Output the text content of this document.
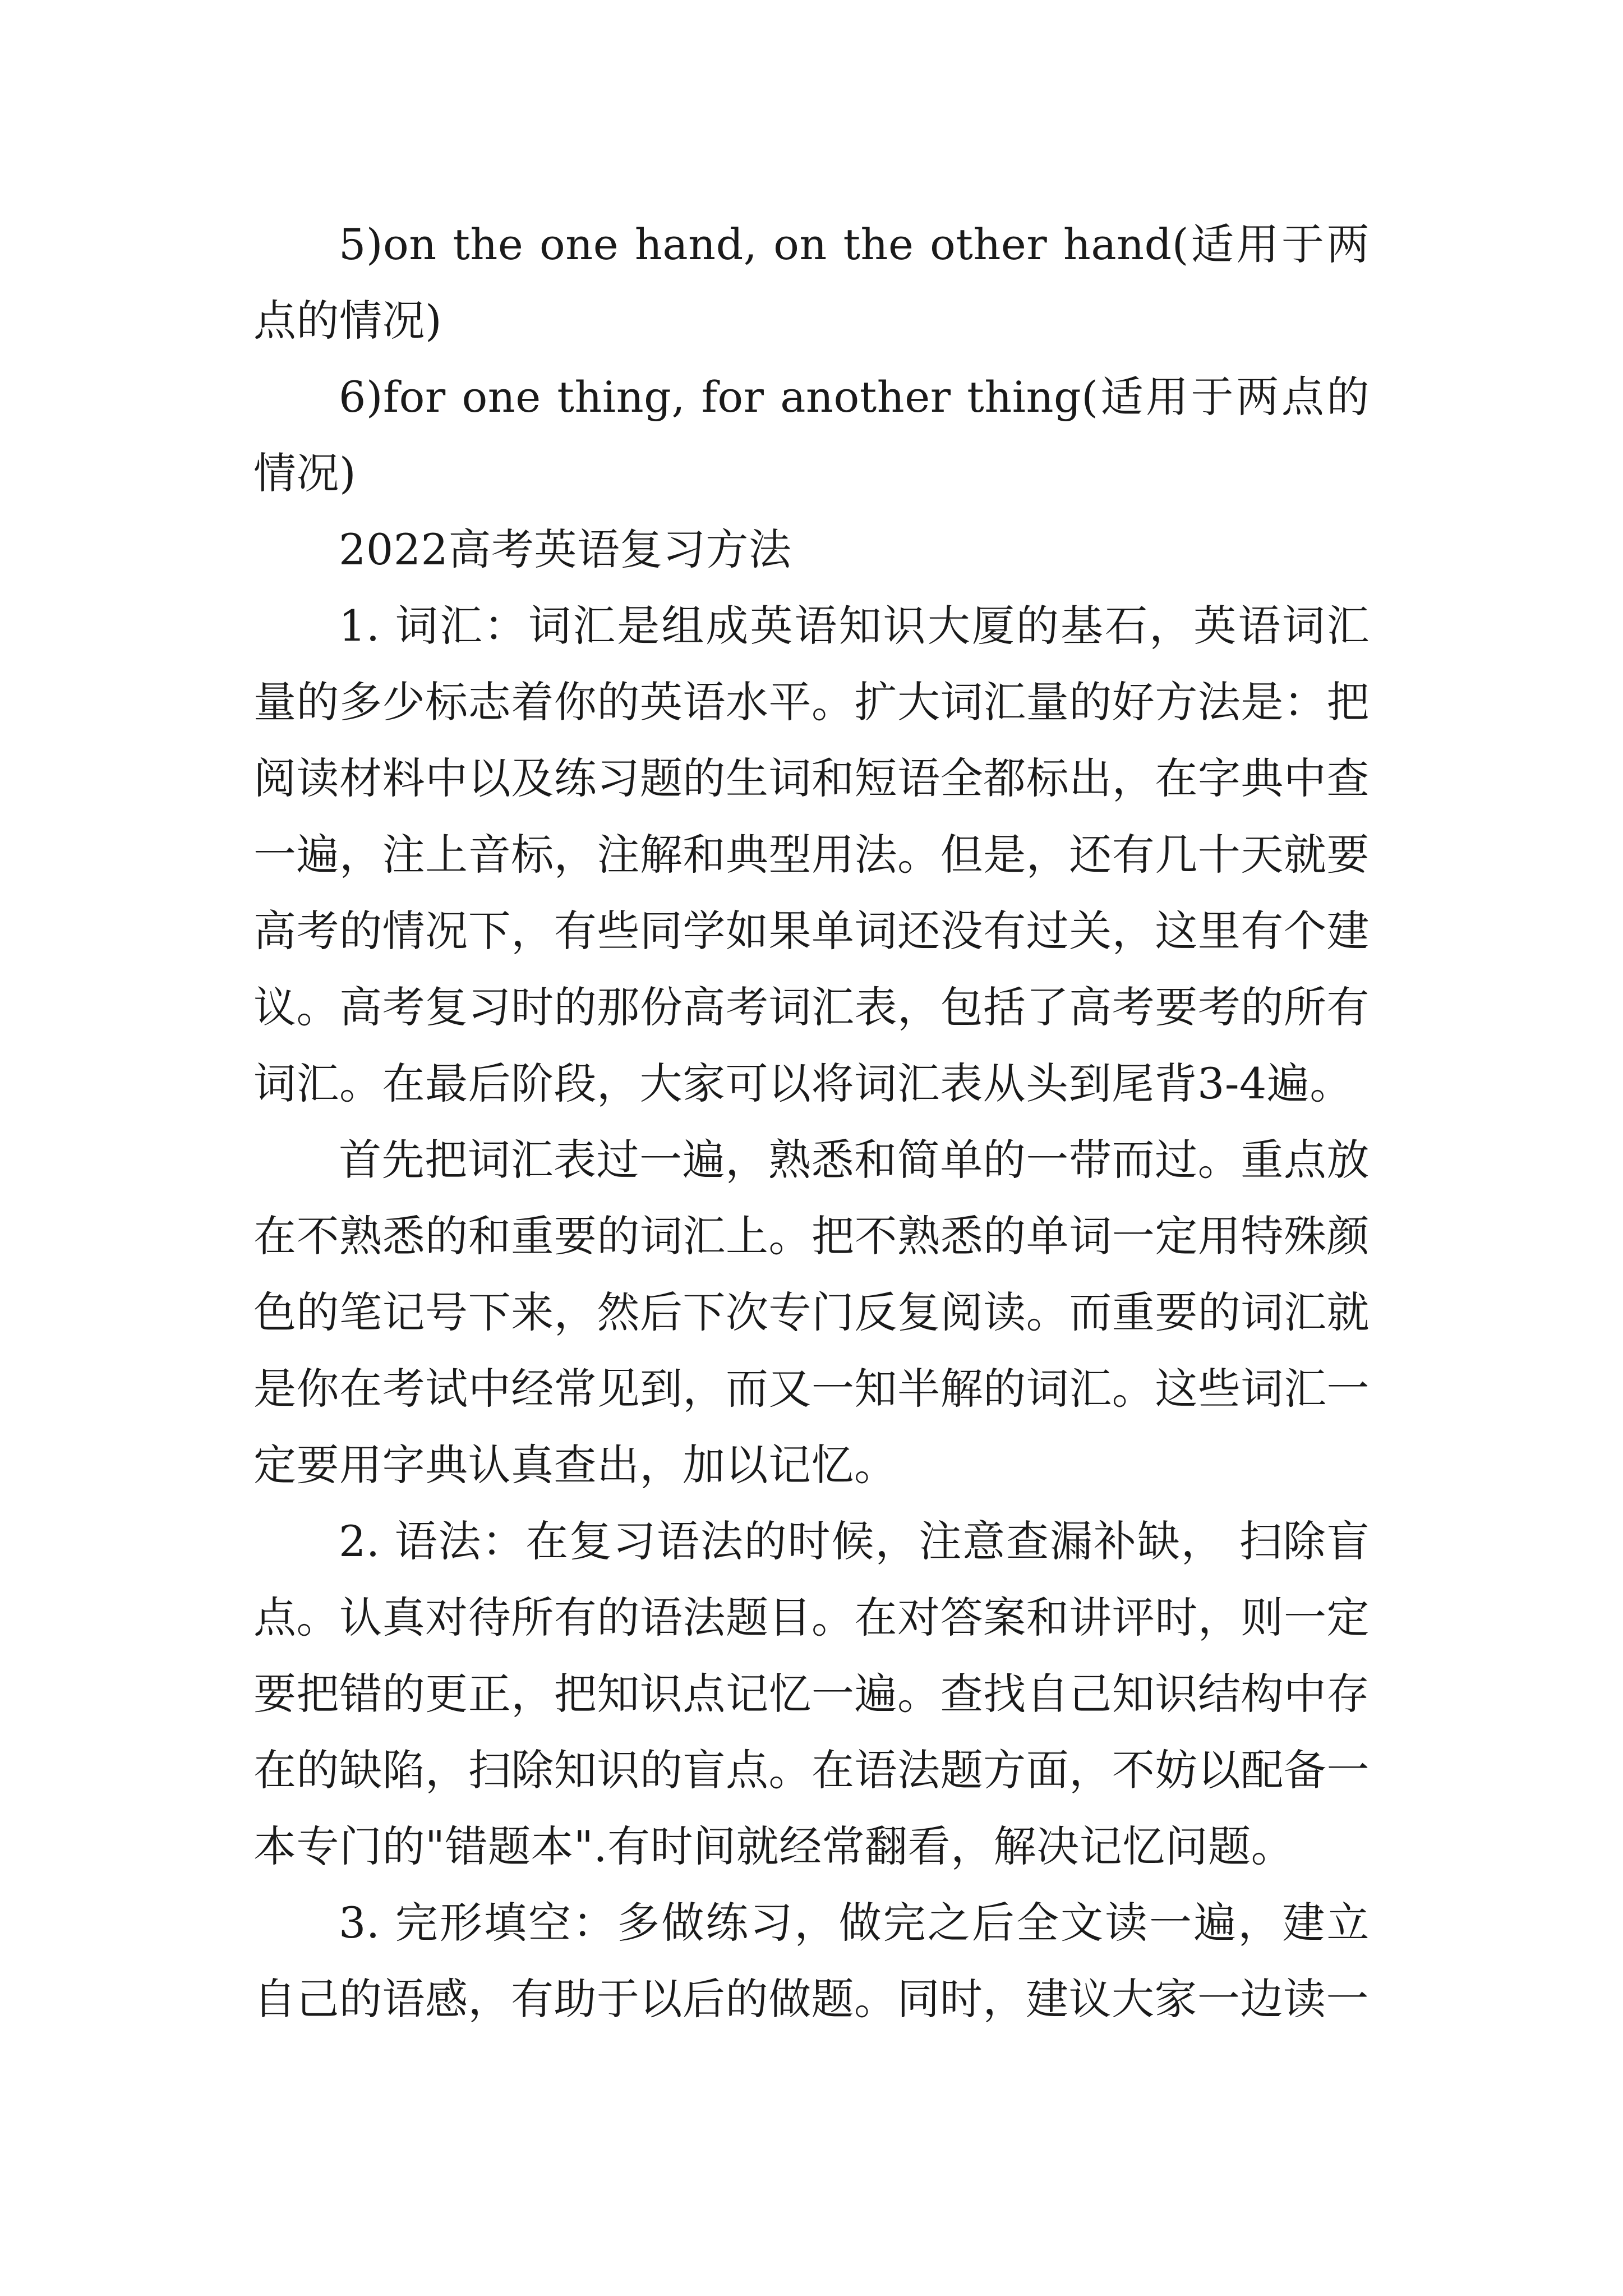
5)on the one hand, on the other hand(适用于两点的情况)

6)for one thing, for another thing(适用于两点的情况)

2022高考英语复习方法

1. 词汇：词汇是组成英语知识大厦的基石，英语词汇量的多少标志着你的英语水平。扩大词汇量的好方法是：把阅读材料中以及练习题的生词和短语全都标出，在字典中查一遍，注上音标，注解和典型用法。但是，还有几十天就要高考的情况下，有些同学如果单词还没有过关，这里有个建议。高考复习时的那份高考词汇表，包括了高考要考的所有词汇。在最后阶段，大家可以将词汇表从头到尾背3-4遍。

首先把词汇表过一遍，熟悉和简单的一带而过。重点放在不熟悉的和重要的词汇上。把不熟悉的单词一定用特殊颜色的笔记号下来，然后下次专门反复阅读。而重要的词汇就是你在考试中经常见到，而又一知半解的词汇。这些词汇一定要用字典认真查出，加以记忆。

2. 语法：在复习语法的时候，注意查漏补缺， 扫除盲点。认真对待所有的语法题目。在对答案和讲评时，则一定要把错的更正，把知识点记忆一遍。查找自己知识结构中存在的缺陷，扫除知识的盲点。在语法题方面，不妨以配备一本专门的"错题本".有时间就经常翻看，解决记忆问题。

3. 完形填空：多做练习，做完之后全文读一遍，建立自己的语感，有助于以后的做题。同时，建议大家一边读一
